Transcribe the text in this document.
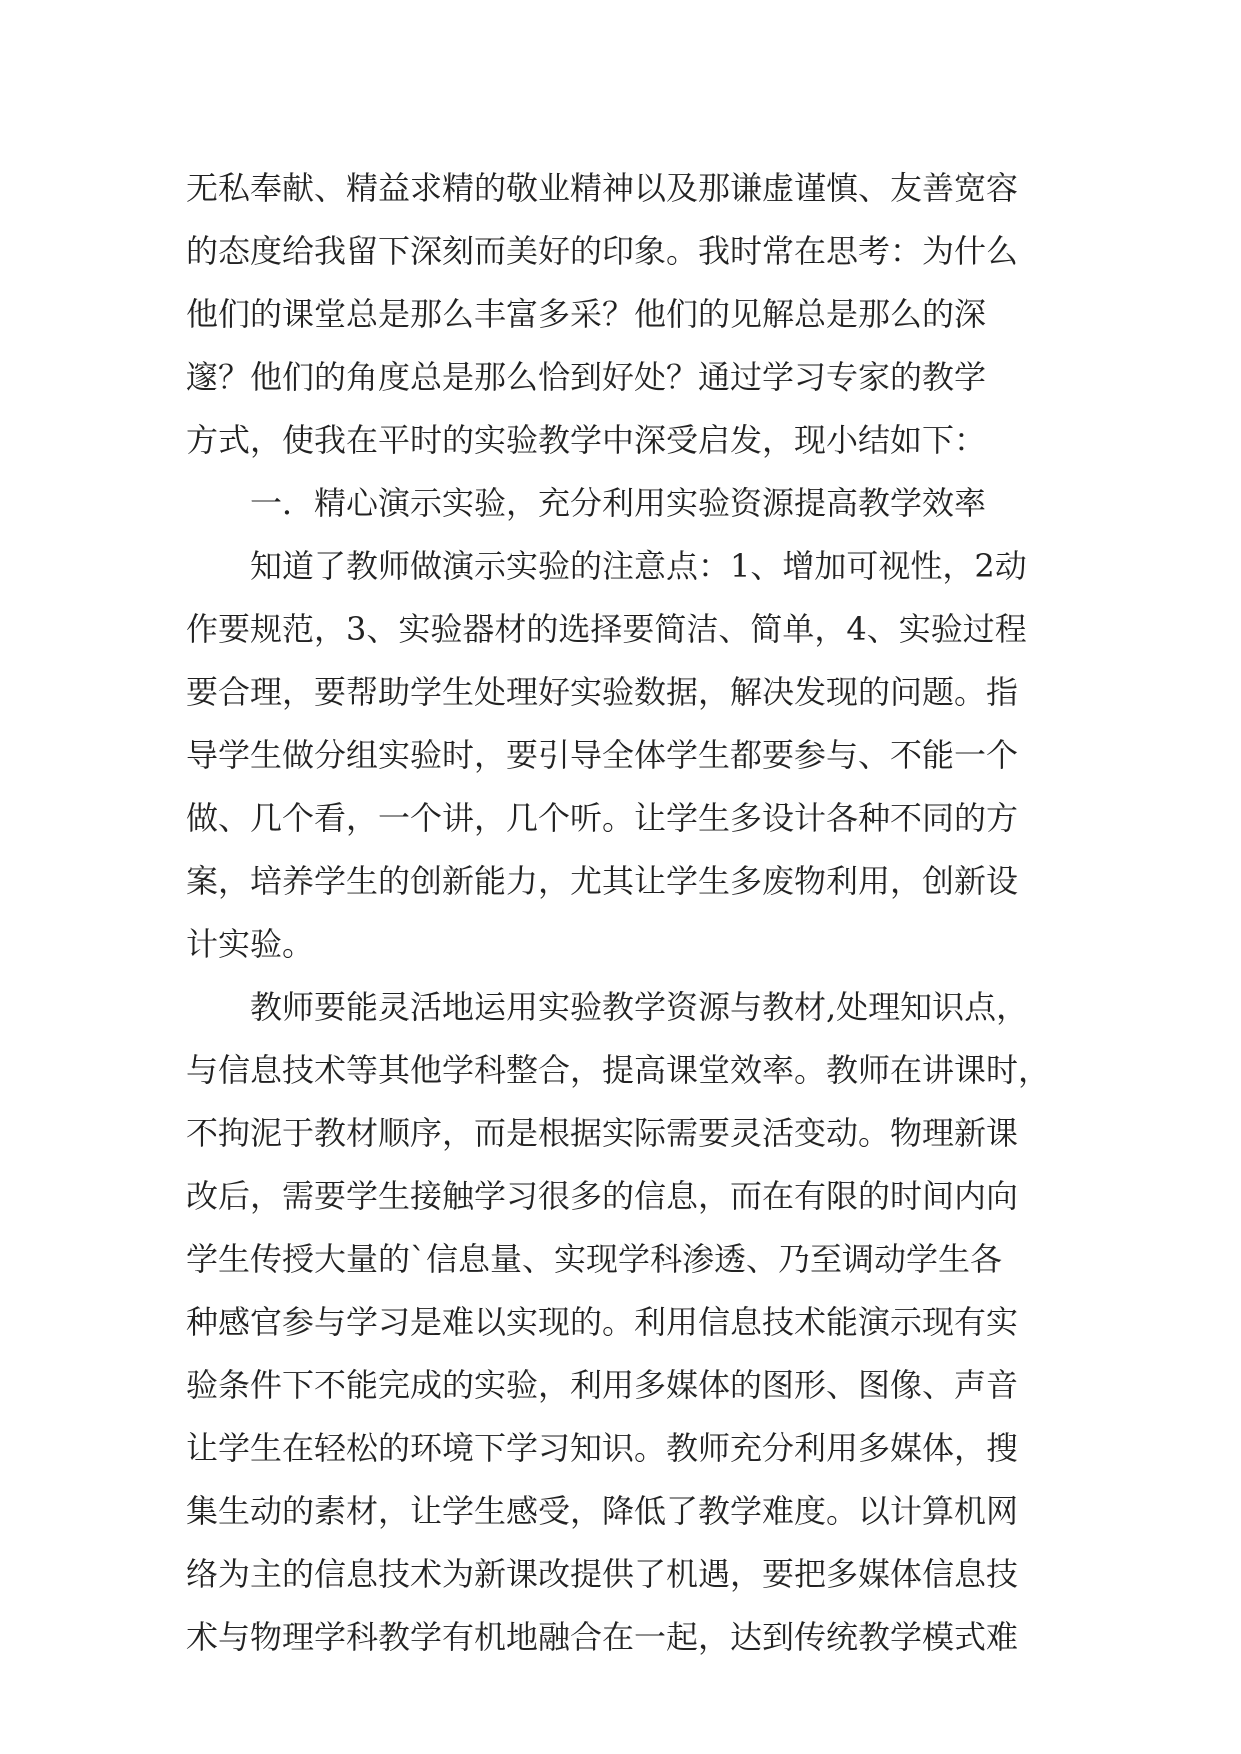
无私奉献、精益求精的敬业精神以及那谦虚谨慎、友善宽容
的态度给我留下深刻而美好的印象。我时常在思考：为什么
他们的课堂总是那么丰富多采？他们的见解总是那么的深
邃？他们的角度总是那么恰到好处？通过学习专家的教学
方式，使我在平时的实验教学中深受启发，现小结如下：
　　一．精心演示实验，充分利用实验资源提高教学效率
　　知道了教师做演示实验的注意点：1、增加可视性，2动
作要规范，3、实验器材的选择要简洁、简单，4、实验过程
要合理，要帮助学生处理好实验数据，解决发现的问题。指
导学生做分组实验时，要引导全体学生都要参与、不能一个
做、几个看，一个讲，几个听。让学生多设计各种不同的方
案，培养学生的创新能力，尤其让学生多废物利用，创新设
计实验。
　　教师要能灵活地运用实验教学资源与教材,处理知识点，
与信息技术等其他学科整合，提高课堂效率。教师在讲课时，
不拘泥于教材顺序，而是根据实际需要灵活变动。物理新课
改后，需要学生接触学习很多的信息，而在有限的时间内向
学生传授大量的`信息量、实现学科渗透、乃至调动学生各
种感官参与学习是难以实现的。利用信息技术能演示现有实
验条件下不能完成的实验，利用多媒体的图形、图像、声音
让学生在轻松的环境下学习知识。教师充分利用多媒体，搜
集生动的素材，让学生感受，降低了教学难度。以计算机网
络为主的信息技术为新课改提供了机遇，要把多媒体信息技
术与物理学科教学有机地融合在一起，达到传统教学模式难
